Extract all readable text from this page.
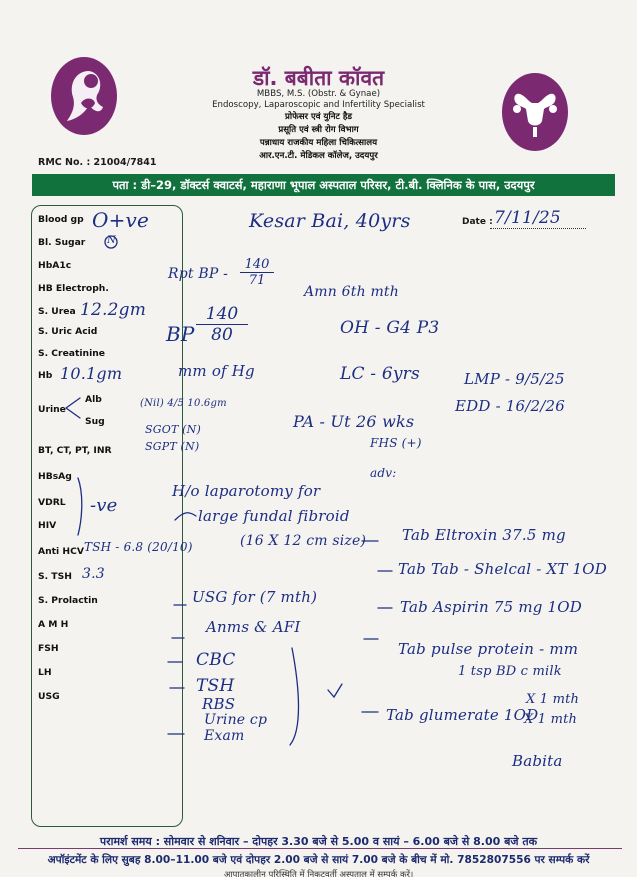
डॉ. बबीता कॉवत
MBBS, M.S. (Obstr. & Gynae)
Endoscopy, Laparoscopic and Infertility Specialist
प्रोफेसर एवं युनिट हैड
प्रसूति एवं स्त्री रोग विभाग
पन्नाधाय राजकीय महिला चिकित्सालय
आर.एन.टी. मेडिकल कॉलेज, उदयपुर
RMC No. : 21004/7841
पता : डी–29, डॉक्टर्स क्वाटर्स, महाराणा भूपाल अस्पताल परिसर, टी.बी. क्लिनिक के पास, उदयपुर
Blood gp
Bl. Sugar
HbA1c
HB Electroph.
S. Urea
S. Uric Acid
S. Creatinine
Hb
Urine
Alb
Sug
BT, CT, PT, INR
HBsAg
VDRL
HIV
Anti HCV
S. TSH
S. Prolactin
A M H
FSH
LH
USG
Date :
O+ve
N
12.2gm
10.1gm
(Nil) 4/5 10.6gm
SGOT (N)
SGPT (N)
-ve
TSH - 6.8 (20/10)
3.3
Kesar Bai, 40yrs	7/11/25
Rpt BP - $\frac{140}{71}$
BP $\frac{140}{80}$
mm of Hg
Amn 6th mth
OH - G4 P3
LC - 6yrs	LMP - 9/5/25
EDD - 16/2/26
PA - Ut 26 wks
FHS (+)
adv:
H/o laparotomy for
large fundal fibroid
(16 X 12 cm size)
USG for (7 mth)
Anms & AFI
CBC
TSH
RBS
Urine cp Exam
Tab Eltroxin 37.5 mg
Tab Tab - Shelcal - XT 1OD
Tab Aspirin 75 mg 1OD
Tab pulse protein - mm
1 tsp BD c milk
X 1 mth
Tab glumerate 1OD
X 1 mth
Babita
परामर्श समय : सोमवार से शनिवार – दोपहर 3.30 बजे से 5.00 व सायं – 6.00 बजे से 8.00 बजे तक
अपॉइंटमेंट के लिए सुबह 8.00–11.00 बजे एवं दोपहर 2.00 बजे से सायं 7.00 बजे के बीच में मो. 7852807556 पर सम्पर्क करें
आपातकालीन परिस्थिति में निकटवर्ती अस्पताल में सम्पर्क करें।
